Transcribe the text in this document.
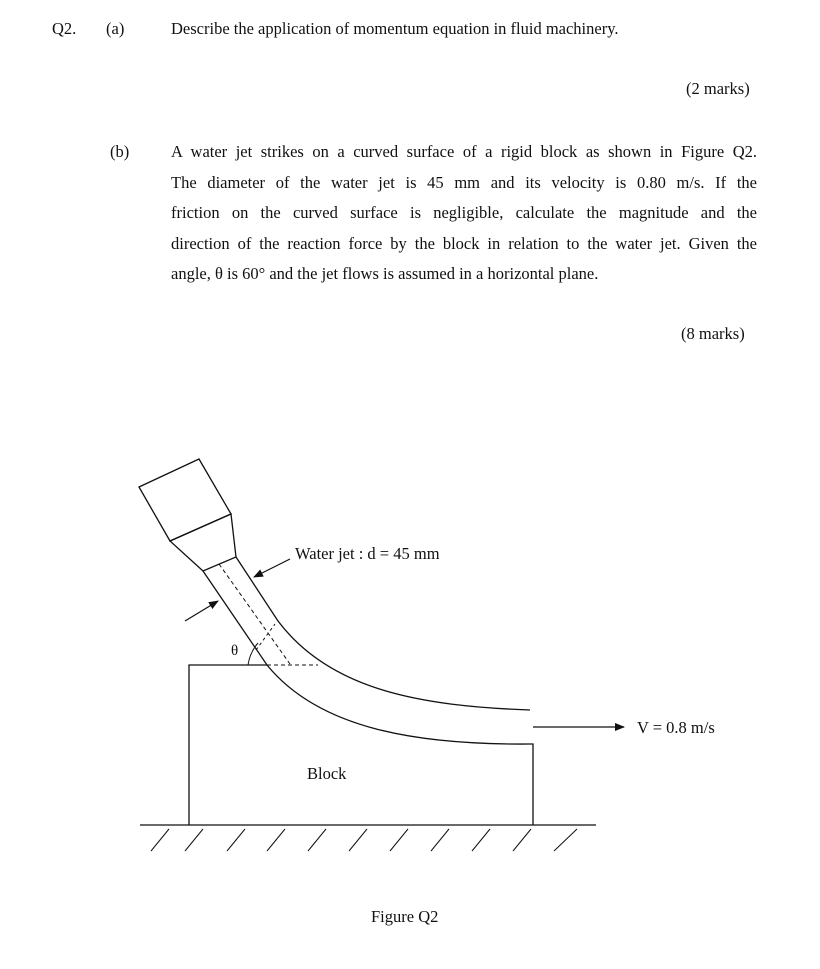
Q2. (a)	Describe the application of momentum equation in fluid machinery.
(2 marks)
(b)	A water jet strikes on a curved surface of a rigid block as shown in Figure Q2.
The diameter of the water jet is 45 mm and its velocity is 0.80 m/s. If the
friction on the curved surface is negligible, calculate the magnitude and the
direction of the reaction force by the block in relation to the water jet. Given the
angle, θ is 60° and the jet flows is assumed in a horizontal plane.
(8 marks)
θ
Water jet : d = 45 mm
V = 0.8 m/s
Block
Figure Q2
